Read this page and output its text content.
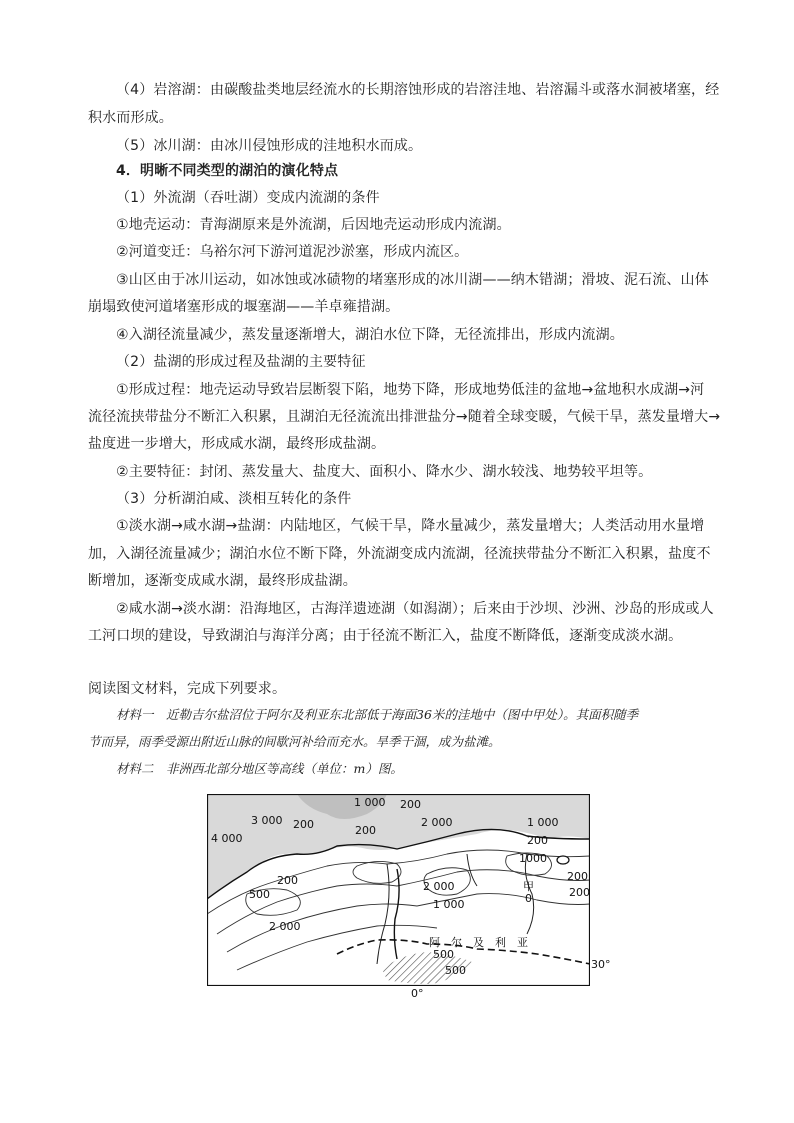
（4）岩溶湖：由碳酸盐类地层经流水的长期溶蚀形成的岩溶洼地、岩溶漏斗或落水洞被堵塞，经
积水而形成。
（5）冰川湖：由冰川侵蚀形成的洼地积水而成。
4．明晰不同类型的湖泊的演化特点
（1）外流湖（吞吐湖）变成内流湖的条件
①地壳运动：青海湖原来是外流湖，后因地壳运动形成内流湖。
②河道变迁：乌裕尔河下游河道泥沙淤塞，形成内流区。
③山区由于冰川运动，如冰蚀或冰碛物的堵塞形成的冰川湖——纳木错湖；滑坡、泥石流、山体
崩塌致使河道堵塞形成的堰塞湖——羊卓雍措湖。
④入湖径流量减少，蒸发量逐渐增大，湖泊水位下降，无径流排出，形成内流湖。
（2）盐湖的形成过程及盐湖的主要特征
①形成过程：地壳运动导致岩层断裂下陷，地势下降，形成地势低洼的盆地→盆地积水成湖→河
流径流挟带盐分不断汇入积累，且湖泊无径流流出排泄盐分→随着全球变暖，气候干旱，蒸发量增大→
盐度进一步增大，形成咸水湖，最终形成盐湖。
②主要特征：封闭、蒸发量大、盐度大、面积小、降水少、湖水较浅、地势较平坦等。
（3）分析湖泊咸、淡相互转化的条件
①淡水湖→咸水湖→盐湖：内陆地区，气候干旱，降水量减少，蒸发量增大；人类活动用水量增
加，入湖径流量减少；湖泊水位不断下降，外流湖变成内流湖，径流挟带盐分不断汇入积累，盐度不
断增加，逐渐变成咸水湖，最终形成盐湖。
②咸水湖→淡水湖：沿海地区，古海洋遗迹湖（如潟湖）；后来由于沙坝、沙洲、沙岛的形成或人
工河口坝的建设，导致湖泊与海洋分离；由于径流不断汇入，盐度不断降低，逐渐变成淡水湖。
阅读图文材料，完成下列要求。
材料一　近勒吉尔盐沼位于阿尔及利亚东北部低于海面36米的洼地中（图中甲处）。其面积随季
节而异，雨季受源出附近山脉的间歇河补给而充水。旱季干涸，成为盐滩。
材料二　非洲西北部分地区等高线（单位：m）图。
1 000 200
200
4 000
3 000 200	2 000	1 000
200
200
500
1000
2 000
1 000
200
2 000
500
500
甲
0	200
阿　尔　及　利　亚
30°
0°
